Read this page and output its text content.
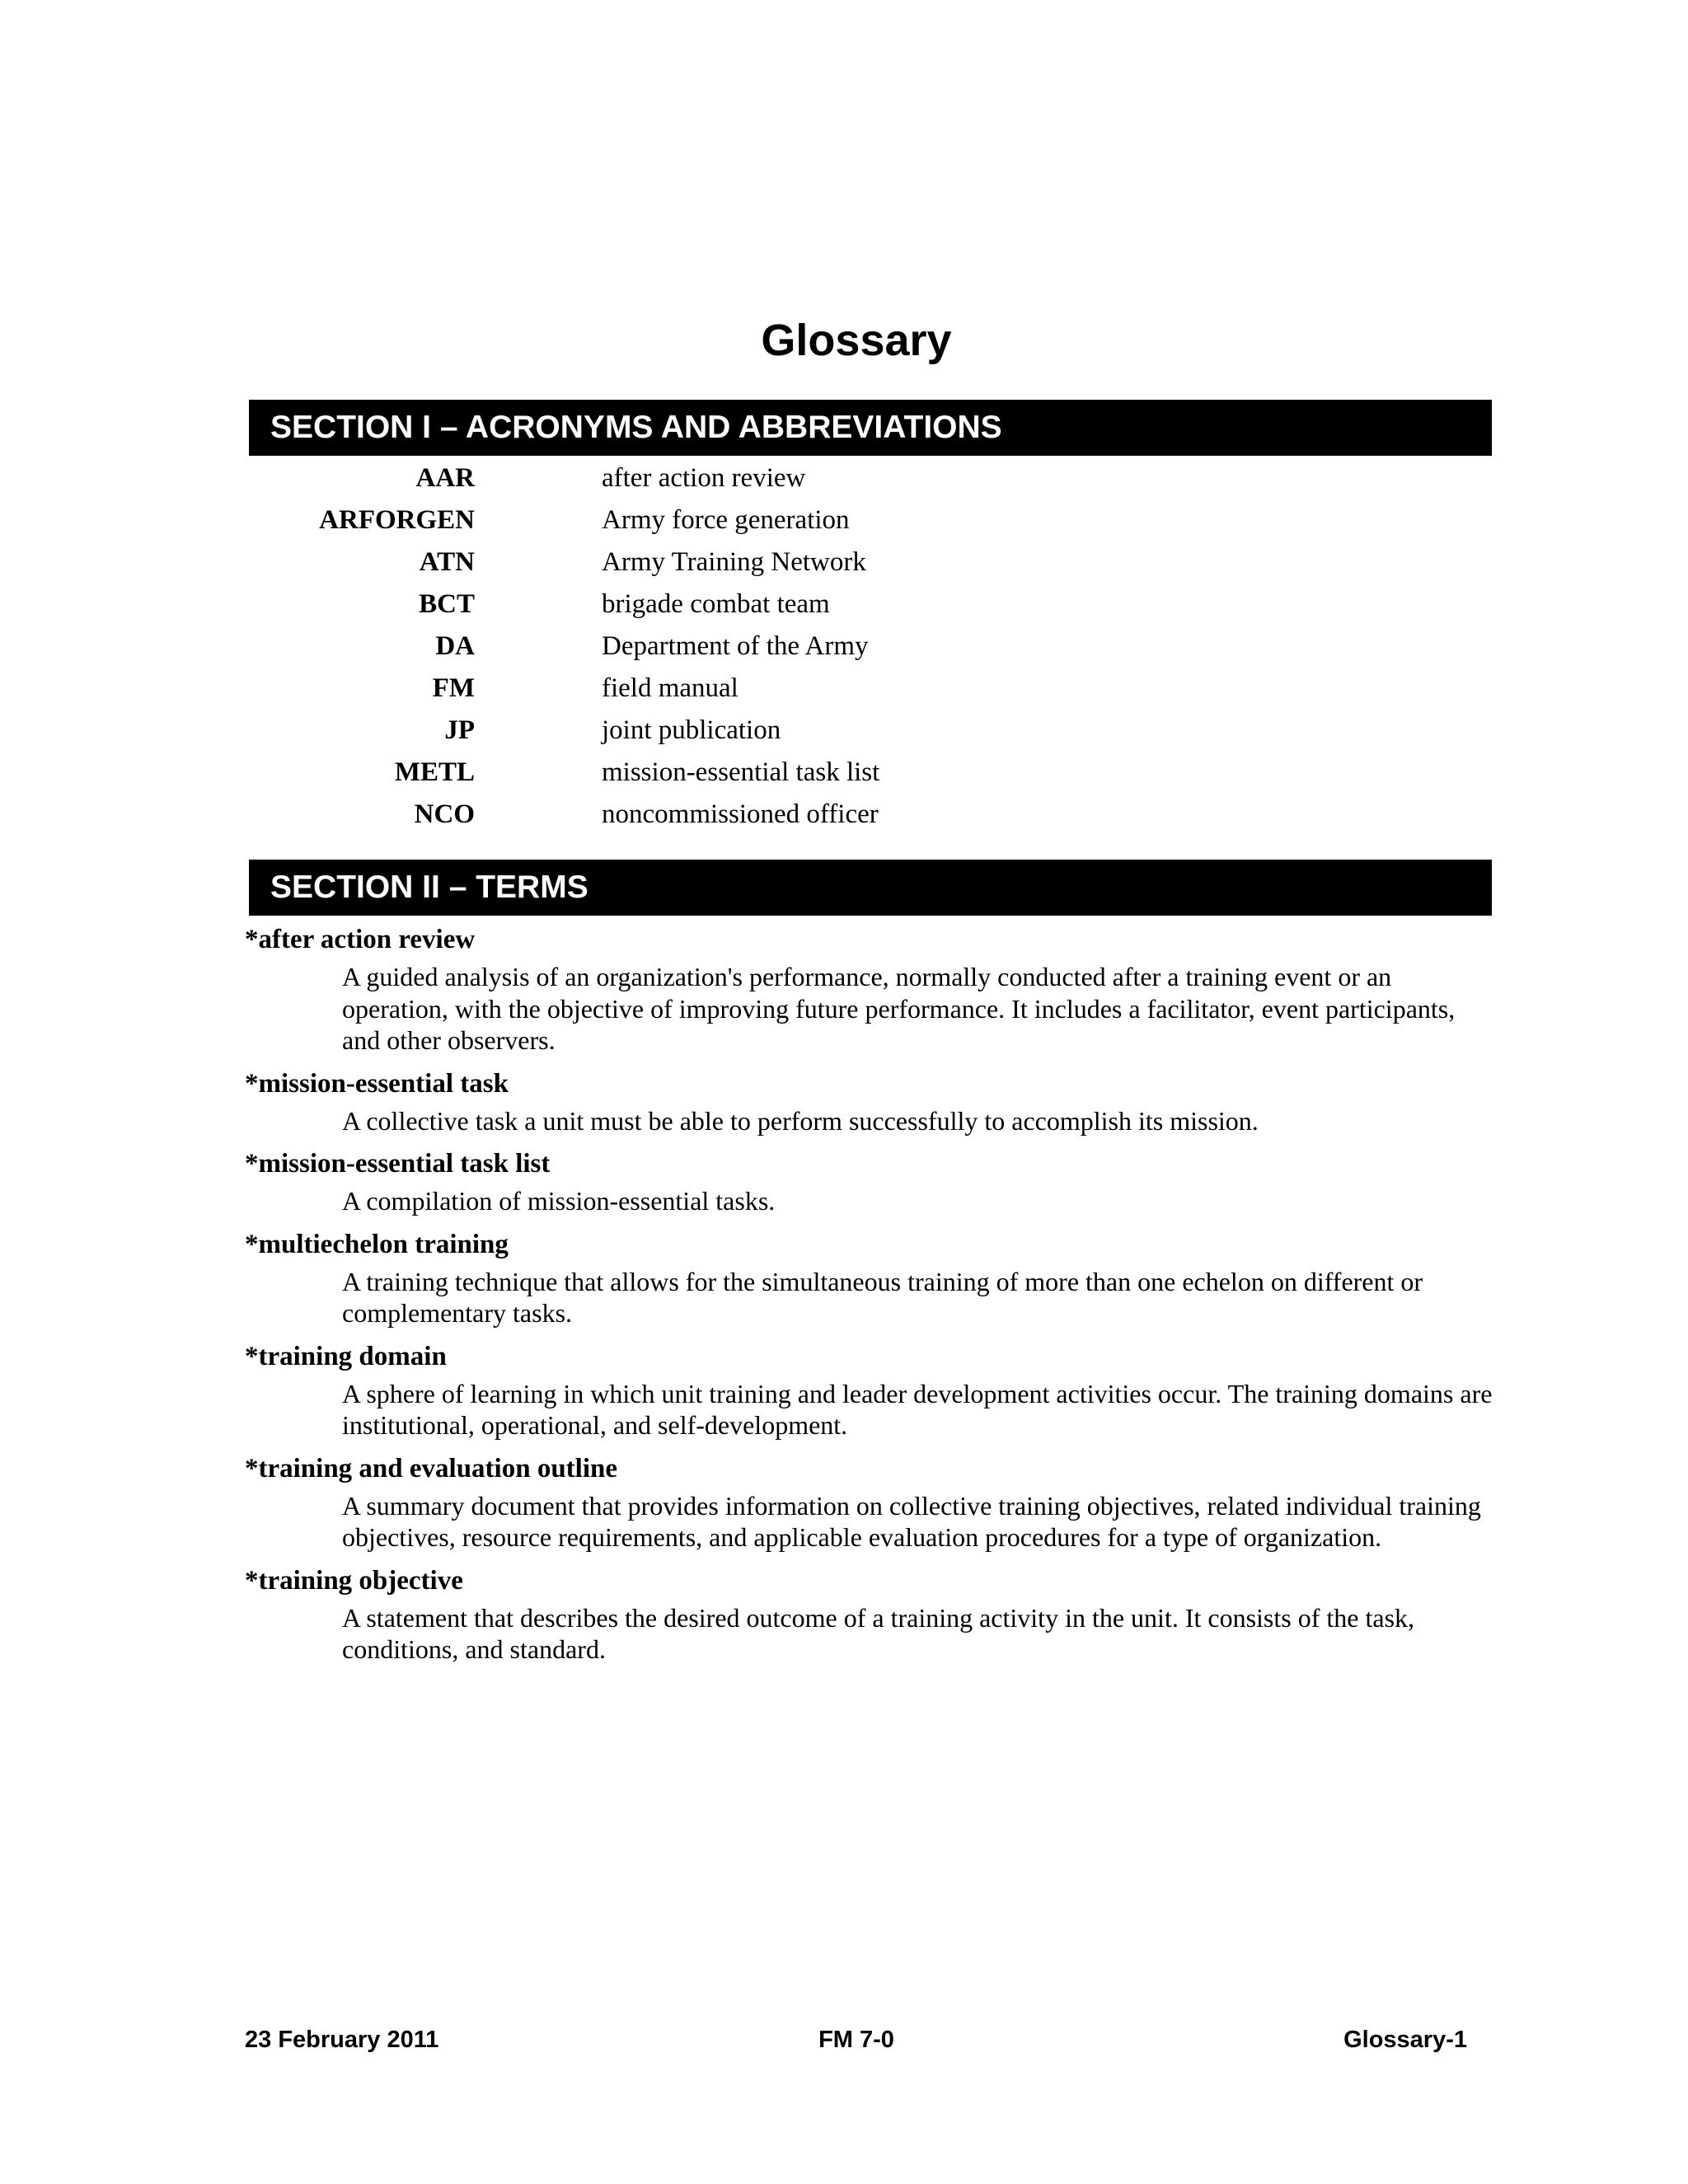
Glossary
SECTION I – ACRONYMS AND ABBREVIATIONS
AAR	after action review
ARFORGEN	Army force generation
ATN	Army Training Network
BCT	brigade combat team
DA	Department of the Army
FM	field manual
JP	joint publication
METL	mission-essential task list
NCO	noncommissioned officer
SECTION II – TERMS
*after action review
A guided analysis of an organization's performance, normally conducted after a training event or an operation, with the objective of improving future performance. It includes a facilitator, event participants, and other observers.
*mission-essential task
A collective task a unit must be able to perform successfully to accomplish its mission.
*mission-essential task list
A compilation of mission-essential tasks.
*multiechelon training
A training technique that allows for the simultaneous training of more than one echelon on different or complementary tasks.
*training domain
A sphere of learning in which unit training and leader development activities occur. The training domains are institutional, operational, and self-development.
*training and evaluation outline
A summary document that provides information on collective training objectives, related individual training objectives, resource requirements, and applicable evaluation procedures for a type of organization.
*training objective
A statement that describes the desired outcome of a training activity in the unit. It consists of the task, conditions, and standard.
23 February 2011	FM 7-0	Glossary-1
